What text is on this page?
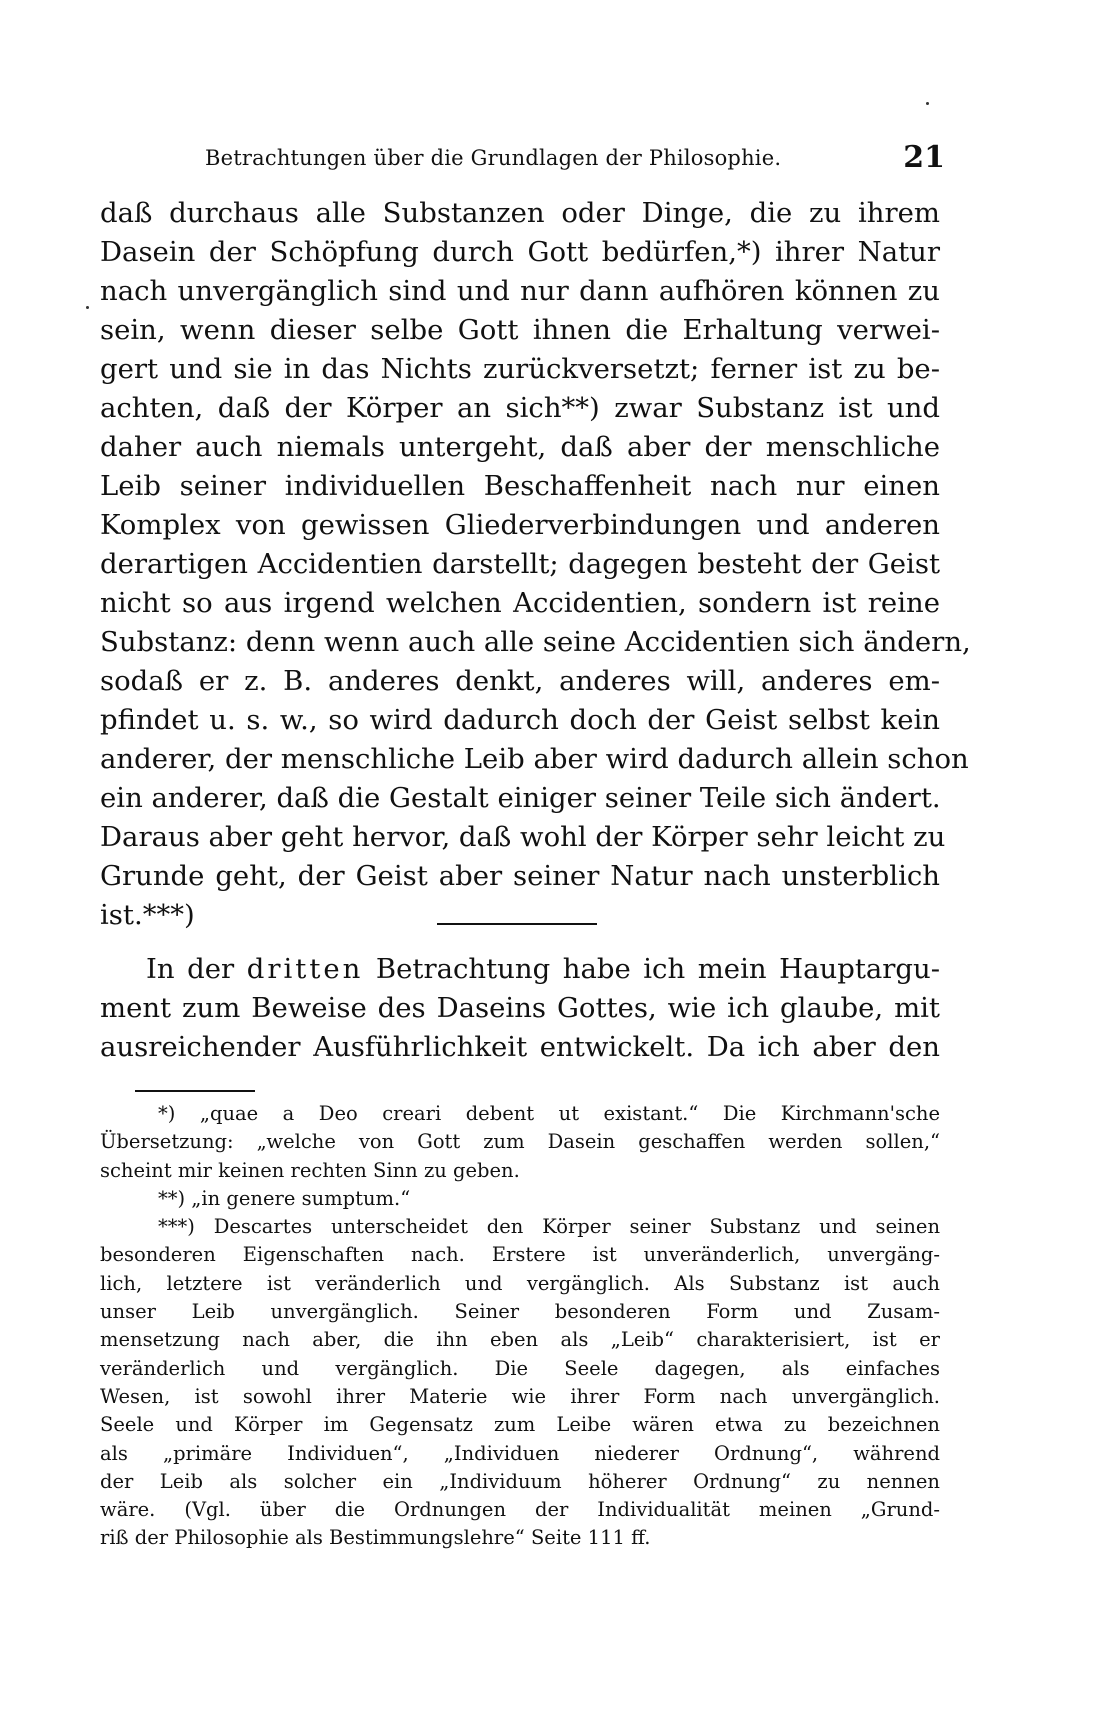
Betrachtungen über die Grundlagen der Philosophie.	21
daß durchaus alle Substanzen oder Dinge, die zu ihrem
Dasein der Schöpfung durch Gott bedürfen,*) ihrer Natur
nach unvergänglich sind und nur dann aufhören können zu
sein, wenn dieser selbe Gott ihnen die Erhaltung verwei-
gert und sie in das Nichts zurückversetzt; ferner ist zu be-
achten, daß der Körper an sich**) zwar Substanz ist und
daher auch niemals untergeht, daß aber der menschliche
Leib seiner individuellen Beschaffenheit nach nur einen
Komplex von gewissen Gliederverbindungen und anderen
derartigen Accidentien darstellt; dagegen besteht der Geist
nicht so aus irgend welchen Accidentien, sondern ist reine
Substanz: denn wenn auch alle seine Accidentien sich ändern,
sodaß er z. B. anderes denkt, anderes will, anderes em-
pfindet u. s. w., so wird dadurch doch der Geist selbst kein
anderer, der menschliche Leib aber wird dadurch allein schon
ein anderer, daß die Gestalt einiger seiner Teile sich ändert.
Daraus aber geht hervor, daß wohl der Körper sehr leicht zu
Grunde geht, der Geist aber seiner Natur nach unsterblich
ist.***)
In der dritten Betrachtung habe ich mein Hauptargu-
ment zum Beweise des Daseins Gottes, wie ich glaube, mit
ausreichender Ausführlichkeit entwickelt. Da ich aber den
*) „quae a Deo creari debent ut existant.“ Die Kirchmann'sche
Übersetzung: „welche von Gott zum Dasein geschaffen werden sollen,“
scheint mir keinen rechten Sinn zu geben.
**) „in genere sumptum.“
***) Descartes unterscheidet den Körper seiner Substanz und seinen
besonderen Eigenschaften nach. Erstere ist unveränderlich, unvergäng-
lich, letztere ist veränderlich und vergänglich. Als Substanz ist auch
unser Leib unvergänglich. Seiner besonderen Form und Zusam-
mensetzung nach aber, die ihn eben als „Leib“ charakterisiert, ist er
veränderlich und vergänglich. Die Seele dagegen, als einfaches
Wesen, ist sowohl ihrer Materie wie ihrer Form nach unvergänglich.
Seele und Körper im Gegensatz zum Leibe wären etwa zu bezeichnen
als „primäre Individuen“, „Individuen niederer Ordnung“, während
der Leib als solcher ein „Individuum höherer Ordnung“ zu nennen
wäre. (Vgl. über die Ordnungen der Individualität meinen „Grund-
riß der Philosophie als Bestimmungslehre“ Seite 111 ff.
